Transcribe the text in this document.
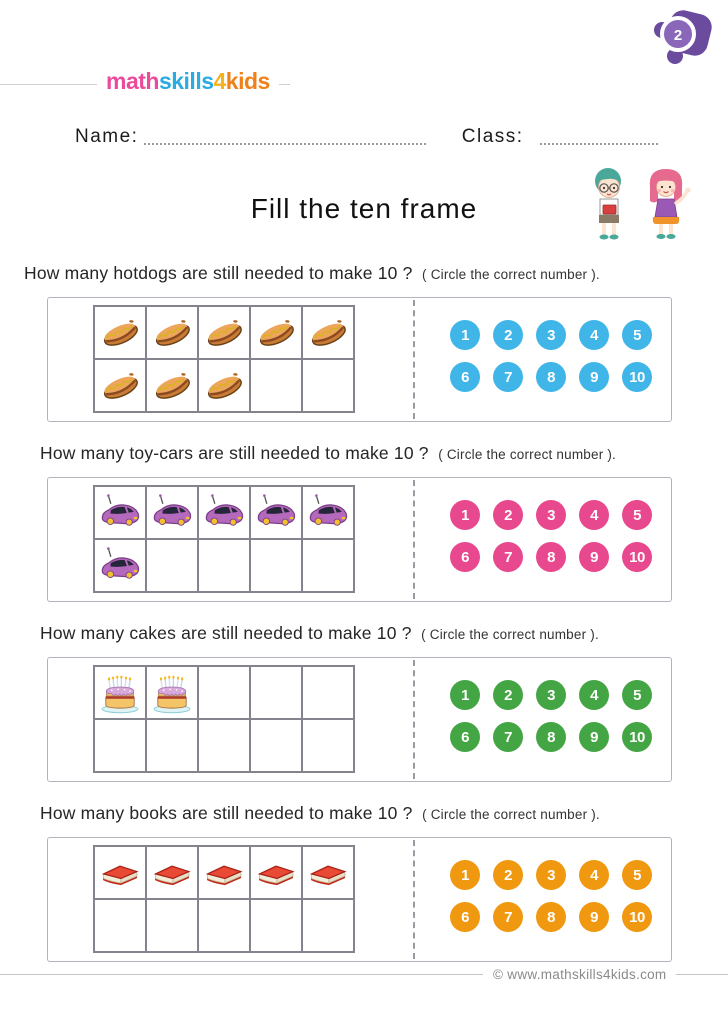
2
mathskills4kids
Name:	Class:
Fill the ten frame
How many hotdogs are still needed to make 10 ? ( Circle the correct number ).
1	2	3	4	5
6	7	8	9	10
How many toy-cars are still needed to make 10 ? ( Circle the correct number ).
1	2	3	4	5
6	7	8	9	10
How many cakes are still needed to make 10 ? ( Circle the correct number ).
1	2	3	4	5
6	7	8	9	10
How many books are still needed to make 10 ? ( Circle the correct number ).
1	2	3	4	5
6	7	8	9	10
© www.mathskills4kids.com
